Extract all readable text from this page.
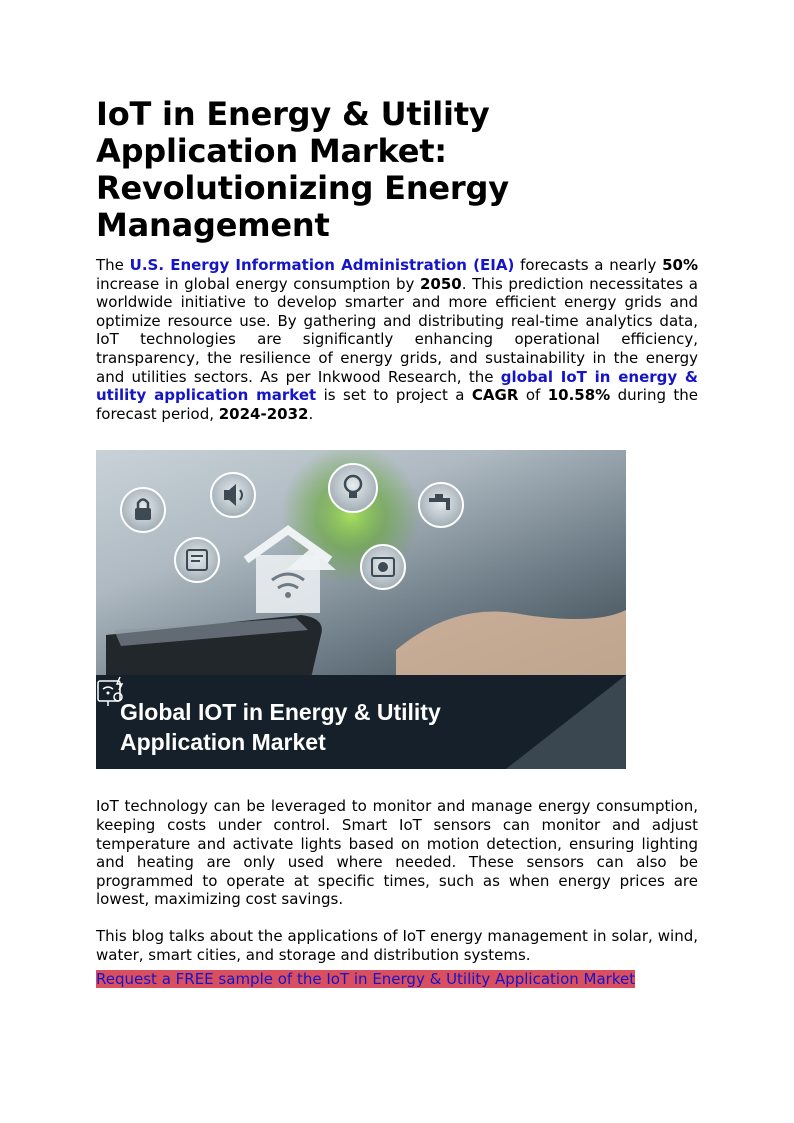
IoT in Energy & Utility Application Market: Revolutionizing Energy Management

The U.S. Energy Information Administration (EIA) forecasts a nearly 50% increase in global energy consumption by 2050. This prediction necessitates a worldwide initiative to develop smarter and more efficient energy grids and optimize resource use. By gathering and distributing real-time analytics data, IoT technologies are significantly enhancing operational efficiency, transparency, the resilience of energy grids, and sustainability in the energy and utilities sectors. As per Inkwood Research, the global IoT in energy & utility application market is set to project a CAGR of 10.58% during the forecast period, 2024-2032.

Global IOT in Energy & Utility
Application Market

IoT technology can be leveraged to monitor and manage energy consumption, keeping costs under control. Smart IoT sensors can monitor and adjust temperature and activate lights based on motion detection, ensuring lighting and heating are only used where needed. These sensors can also be programmed to operate at specific times, such as when energy prices are lowest, maximizing cost savings.

This blog talks about the applications of IoT energy management in solar, wind, water, smart cities, and storage and distribution systems.

Request a FREE sample of the IoT in Energy & Utility Application Market
